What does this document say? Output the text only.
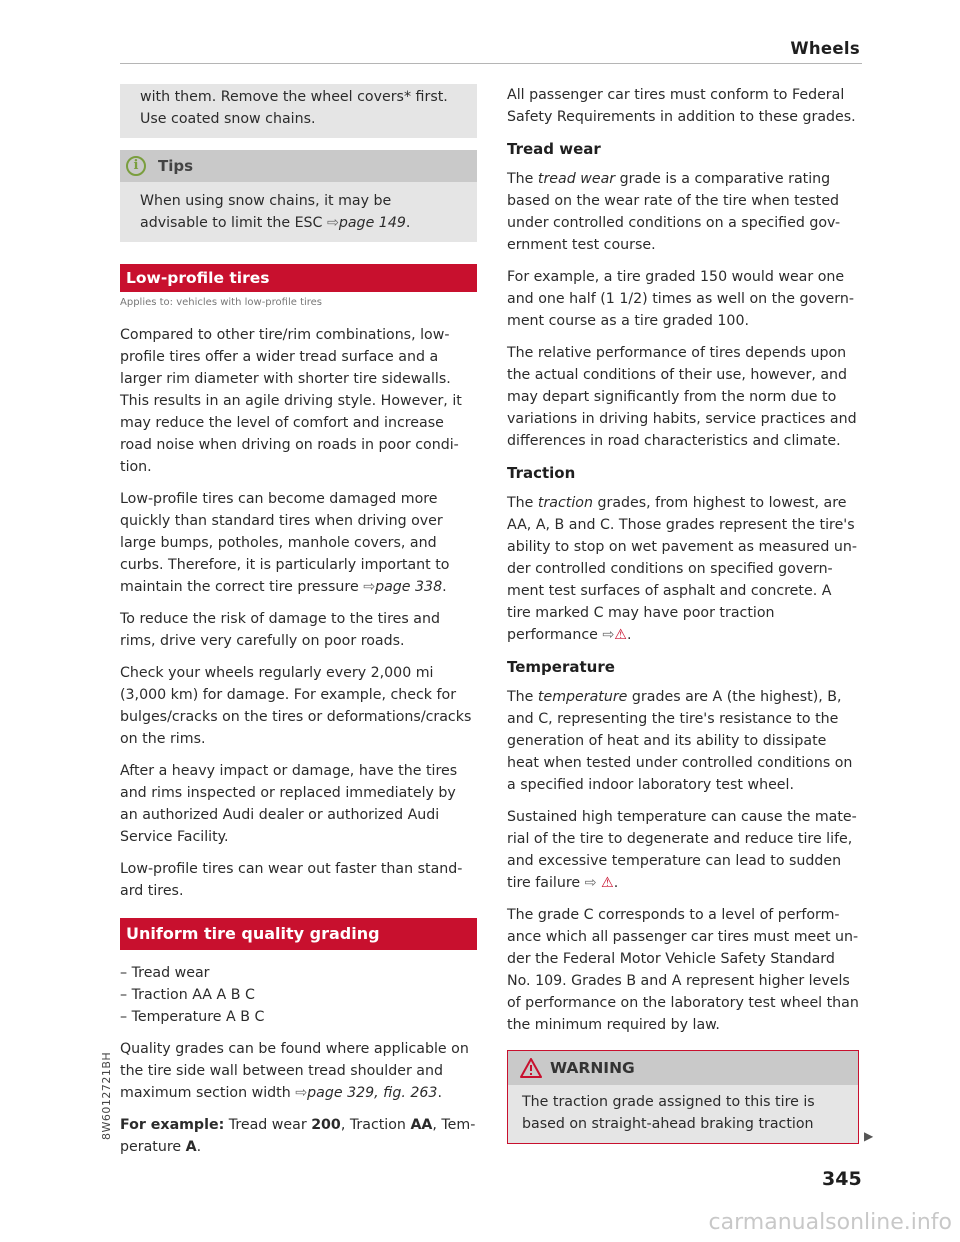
Wheels

with them. Remove the wheel covers* first. Use coated snow chains.

i	Tips

When using snow chains, it may be advisable to limit the ESC ⇨page 149.

Low-profile tires
Applies to: vehicles with low-profile tires

Compared to other tire/rim combinations, low-profile tires offer a wider tread surface and a larger rim diameter with shorter tire sidewalls. This results in an agile driving style. However, it may reduce the level of comfort and increase road noise when driving on roads in poor condi-tion.

Low-profile tires can become damaged more quickly than standard tires when driving over large bumps, potholes, manhole covers, and curbs. Therefore, it is particularly important to maintain the correct tire pressure ⇨page 338.

To reduce the risk of damage to the tires and rims, drive very carefully on poor roads.

Check your wheels regularly every 2,000 mi (3,000 km) for damage. For example, check for bulges/cracks on the tires or deformations/cracks on the rims.

After a heavy impact or damage, have the tires and rims inspected or replaced immediately by an authorized Audi dealer or authorized Audi Service Facility.

Low-profile tires can wear out faster than stand-ard tires.

Uniform tire quality grading
– Tread wear
– Traction AA A B C
– Temperature A B C

Quality grades can be found where applicable on the tire side wall between tread shoulder and maximum section width ⇨page 329, fig. 263.

For example: Tread wear 200, Traction AA, Tem-perature A.

All passenger car tires must conform to Federal Safety Requirements in addition to these grades.

Tread wear

The tread wear grade is a comparative rating based on the wear rate of the tire when tested under controlled conditions on a specified gov-ernment test course.

For example, a tire graded 150 would wear one and one half (1 1/2) times as well on the govern-ment course as a tire graded 100.

The relative performance of tires depends upon the actual conditions of their use, however, and may depart significantly from the norm due to variations in driving habits, service practices and differences in road characteristics and climate.

Traction

The traction grades, from highest to lowest, are AA, A, B and C. Those grades represent the tire's ability to stop on wet pavement as measured un-der controlled conditions on specified govern-ment test surfaces of asphalt and concrete. A tire marked C may have poor traction performance ⇨⚠.

Temperature

The temperature grades are A (the highest), B, and C, representing the tire's resistance to the generation of heat and its ability to dissipate heat when tested under controlled conditions on a specified indoor laboratory test wheel.

Sustained high temperature can cause the mate-rial of the tire to degenerate and reduce tire life, and excessive temperature can lead to sudden tire failure ⇨ ⚠.

The grade C corresponds to a level of perform-ance which all passenger car tires must meet un-der the Federal Motor Vehicle Safety Standard No. 109. Grades B and A represent higher levels of performance on the laboratory test wheel than the minimum required by law.

WARNING

The traction grade assigned to this tire is based on straight-ahead braking traction

▶
345
8W6012721BH
carmanualsonline.info
